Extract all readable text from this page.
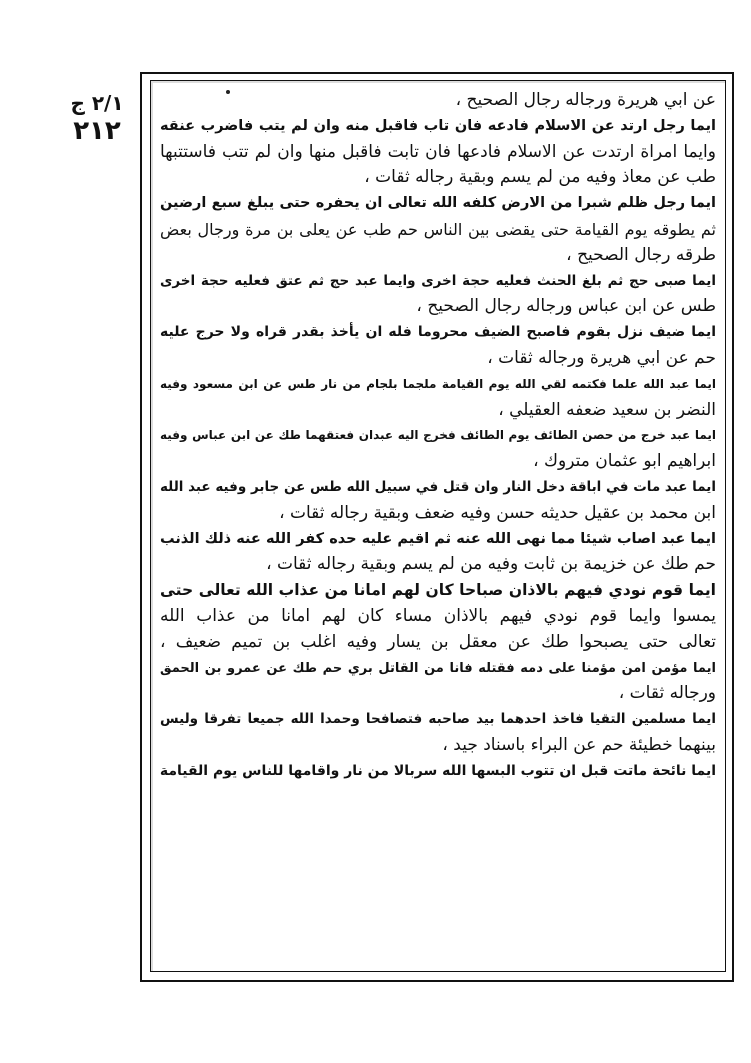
٢/١ ج
٢١٢
عن ابي هريرة ورجاله رجال الصحيح ،
ايما رجل ارتد عن الاسلام فادعه فان تاب فاقبل منه وان لم يتب فاضرب عنقه
وايما امراة ارتدت عن الاسلام فادعها فان تابت فاقبل منها وان لم تتب فاستتبها
طب عن معاذ وفيه من لم يسم وبقية رجاله ثقات ،
ايما رجل ظلم شبرا من الارض كلفه الله تعالى ان يحفره حتى يبلغ سبع ارضين
ثم يطوقه يوم القيامة حتى يقضى بين الناس حم طب عن يعلى بن مرة ورجال بعض
طرقه رجال الصحيح ،
ايما صبى حج ثم بلغ الحنث فعليه حجة اخرى وايما عبد حج ثم عتق فعليه حجة اخرى
طس عن ابن عباس ورجاله رجال الصحيح ،
ايما ضيف نزل بقوم فاصبح الضيف محروما فله ان يأخذ بقدر قراه ولا حرج عليه
حم عن ابي هريرة ورجاله ثقات ،
ايما عبد الله علما فكتمه لقي الله يوم القيامة ملجما بلجام من نار طس عن ابن مسعود وفيه
النضر بن سعيد ضعفه العقيلي ،
ايما عبد خرج من حصن الطائف يوم الطائف فخرج اليه عبدان فعتقهما طك عن ابن عباس وفيه
ابراهيم ابو عثمان متروك ،
ايما عبد مات في اباقة دخل النار وان قتل في سبيل الله طس عن جابر وفيه عبد الله
ابن محمد بن عقيل حديثه حسن وفيه ضعف وبقية رجاله ثقات ،
ايما عبد اصاب شيئا مما نهى الله عنه ثم اقيم عليه حده كفر الله عنه ذلك الذنب
حم طك عن خزيمة بن ثابت وفيه من لم يسم وبقية رجاله ثقات ،
ايما قوم نودي فيهم بالاذان صباحا كان لهم امانا من عذاب الله تعالى حتى
يمسوا وايما قوم نودي فيهم بالاذان مساء كان لهم امانا من عذاب الله
تعالى حتى يصبحوا طك عن معقل بن يسار وفيه اغلب بن تميم ضعيف ،
ايما مؤمن امن مؤمنا على دمه فقتله فانا من القاتل بري حم طك عن عمرو بن الحمق
ورجاله ثقات ،
ايما مسلمين التقيا فاخذ احدهما بيد صاحبه فتصافحا وحمدا الله جميعا تفرقا وليس
بينهما خطيئة حم عن البراء باسناد جيد ،
ايما نائحة ماتت قبل ان تتوب البسها الله سربالا من نار واقامها للناس يوم القيامة
